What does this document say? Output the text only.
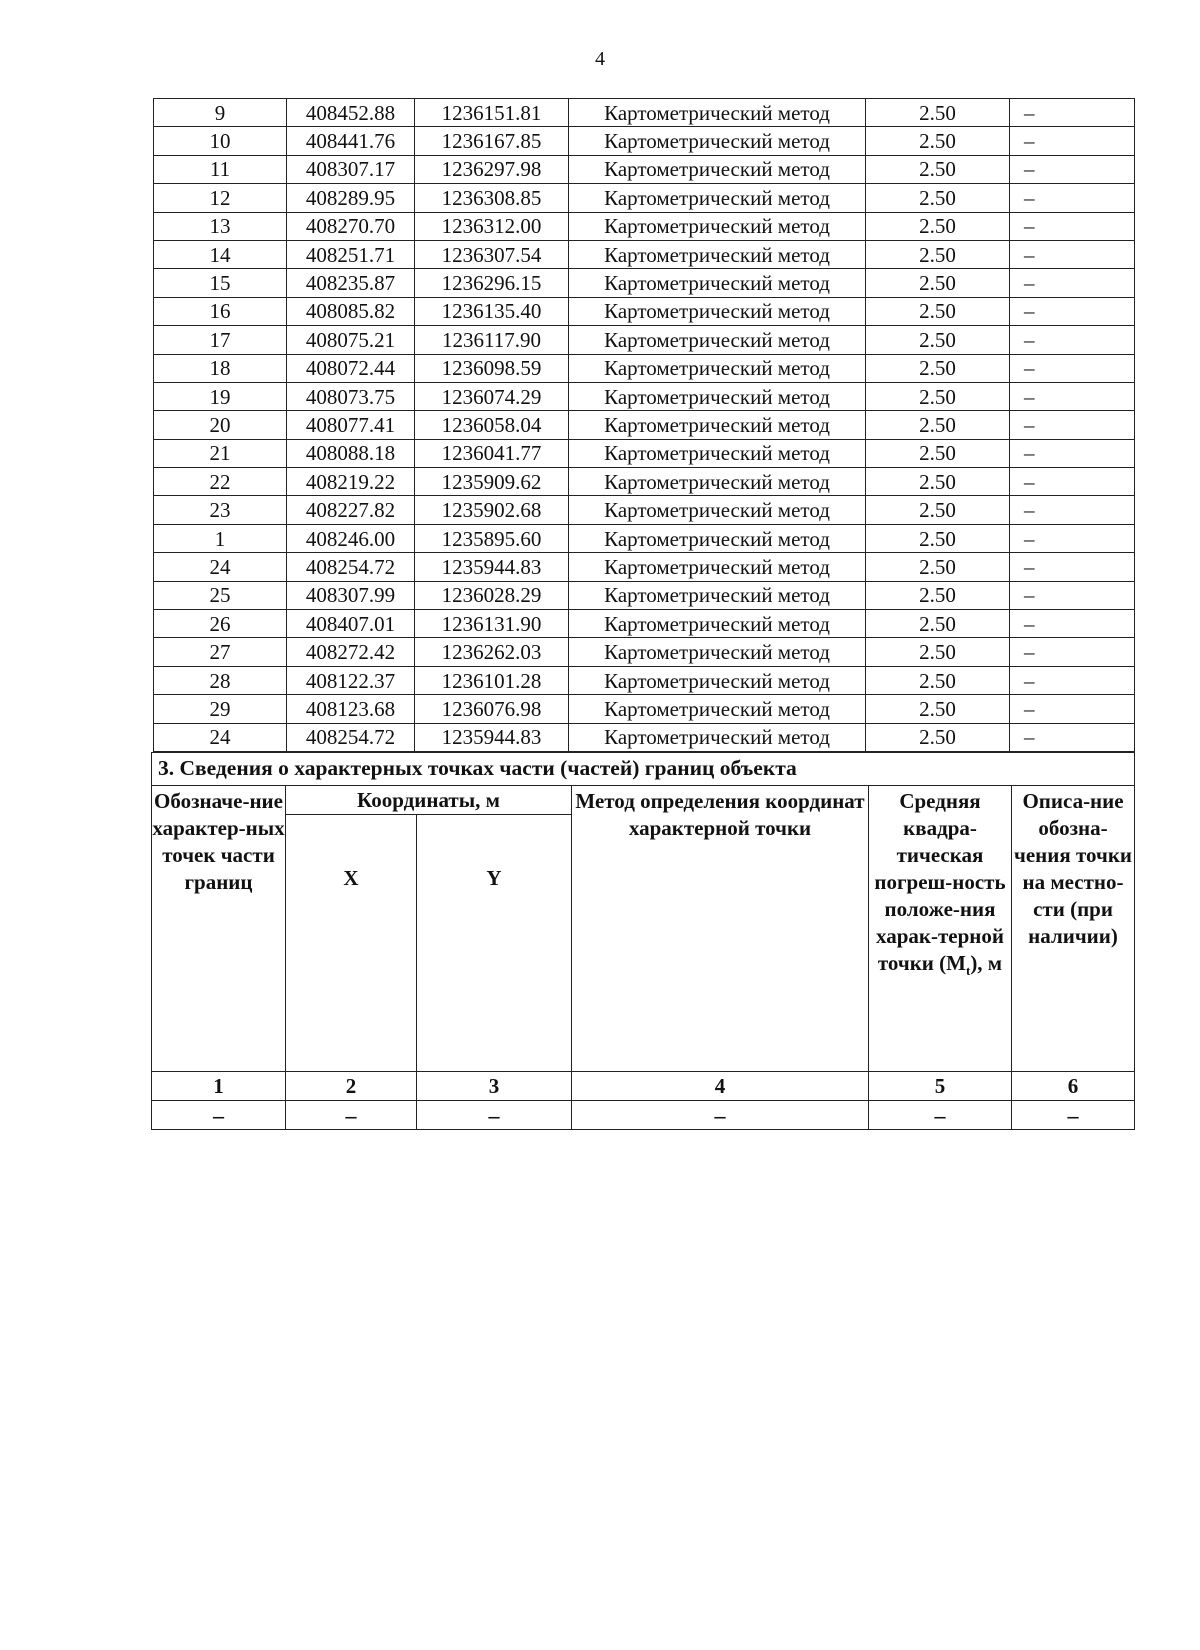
4
9	408452.88	1236151.81	Картометрический метод	2.50	–
10	408441.76	1236167.85	Картометрический метод	2.50	–
11	408307.17	1236297.98	Картометрический метод	2.50	–
12	408289.95	1236308.85	Картометрический метод	2.50	–
13	408270.70	1236312.00	Картометрический метод	2.50	–
14	408251.71	1236307.54	Картометрический метод	2.50	–
15	408235.87	1236296.15	Картометрический метод	2.50	–
16	408085.82	1236135.40	Картометрический метод	2.50	–
17	408075.21	1236117.90	Картометрический метод	2.50	–
18	408072.44	1236098.59	Картометрический метод	2.50	–
19	408073.75	1236074.29	Картометрический метод	2.50	–
20	408077.41	1236058.04	Картометрический метод	2.50	–
21	408088.18	1236041.77	Картометрический метод	2.50	–
22	408219.22	1235909.62	Картометрический метод	2.50	–
23	408227.82	1235902.68	Картометрический метод	2.50	–
1	408246.00	1235895.60	Картометрический метод	2.50	–
24	408254.72	1235944.83	Картометрический метод	2.50	–
25	408307.99	1236028.29	Картометрический метод	2.50	–
26	408407.01	1236131.90	Картометрический метод	2.50	–
27	408272.42	1236262.03	Картометрический метод	2.50	–
28	408122.37	1236101.28	Картометрический метод	2.50	–
29	408123.68	1236076.98	Картометрический метод	2.50	–
24	408254.72	1235944.83	Картометрический метод	2.50	–
3. Сведения о характерных точках части (частей) границ объекта					
Обозначе-ние характер-ных точек части границ	Координаты, м		Метод определения координат характерной точки	Средняя квадра-тическая погреш-ность положе-ния харак-терной точки $(M_t)$, м	Описа-ние обозна-чения точки на местно-сти (при наличии)
	X	Y			
1	2	3	4	5	6
–	–	–	–	–	–
